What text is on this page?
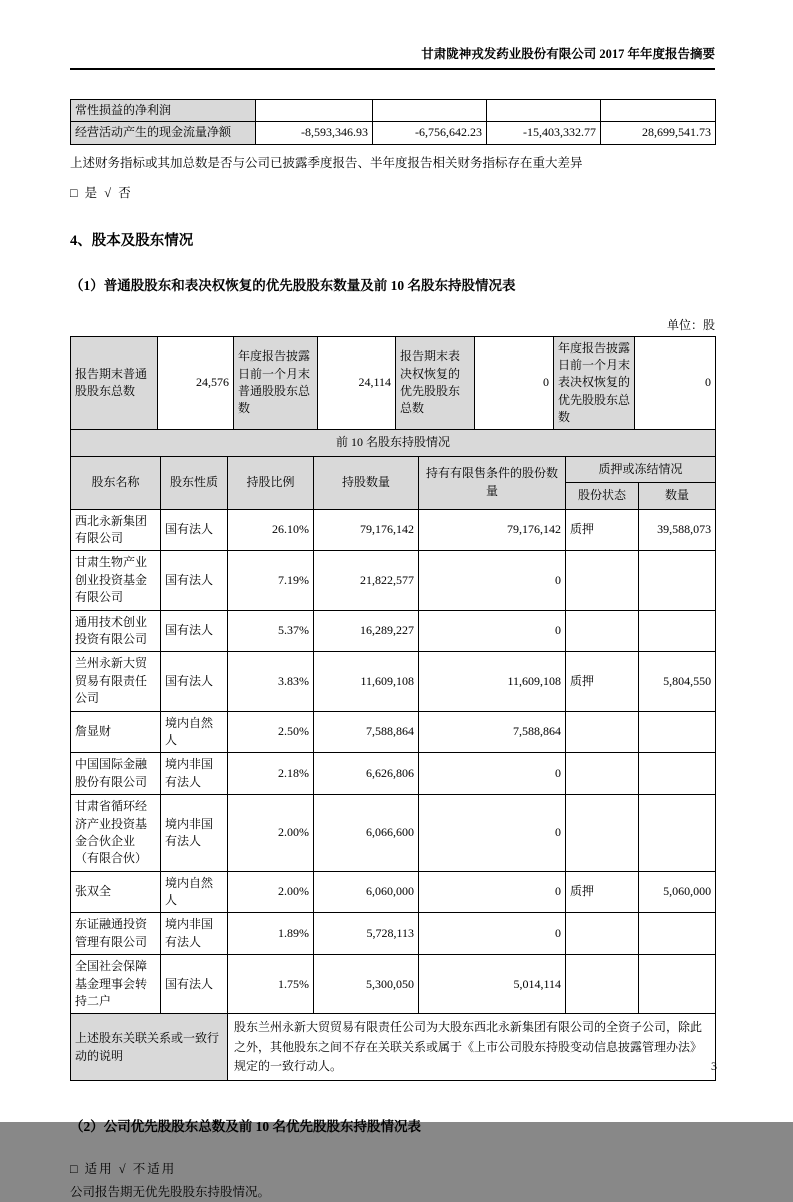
甘肃陇神戎发药业股份有限公司 2017 年年度报告摘要
常性损益的净利润				
经营活动产生的现金流量净额	-8,593,346.93	-6,756,642.23	-15,403,332.77	28,699,541.73
上述财务指标或其加总数是否与公司已披露季度报告、半年度报告相关财务指标存在重大差异
□ 是 √ 否
4、股本及股东情况
（1）普通股股东和表决权恢复的优先股股东数量及前 10 名股东持股情况表
单位：股
报告期末普通股股东总数	24,576	年度报告披露日前一个月末普通股股东总数	24,114	报告期末表决权恢复的优先股股东总数	0	年度报告披露日前一个月末表决权恢复的优先股股东总数	0
前 10 名股东持股情况						
股东名称	股东性质	持股比例	持股数量	持有有限售条件的股份数量	质押或冻结情况	
					股份状态	数量
西北永新集团有限公司	国有法人	26.10%	79,176,142	79,176,142	质押	39,588,073
甘肃生物产业创业投资基金有限公司	国有法人	7.19%	21,822,577	0		
通用技术创业投资有限公司	国有法人	5.37%	16,289,227	0		
兰州永新大贸贸易有限责任公司	国有法人	3.83%	11,609,108	11,609,108	质押	5,804,550
詹显财	境内自然人	2.50%	7,588,864	7,588,864		
中国国际金融股份有限公司	境内非国有法人	2.18%	6,626,806	0		
甘肃省循环经济产业投资基金合伙企业（有限合伙）	境内非国有法人	2.00%	6,066,600	0		
张双全	境内自然人	2.00%	6,060,000	0	质押	5,060,000
东证融通投资管理有限公司	境内非国有法人	1.89%	5,728,113	0		
全国社会保障基金理事会转持二户	国有法人	1.75%	5,300,050	5,014,114		
上述股东关联关系或一致行动的说明		股东兰州永新大贸贸易有限责任公司为大股东西北永新集团有限公司的全资子公司，除此之外，其他股东之间不存在关联关系或属于《上市公司股东持股变动信息披露管理办法》规定的一致行动人。				
（2）公司优先股股东总数及前 10 名优先股股东持股情况表
□ 适用 √ 不适用
公司报告期无优先股股东持股情况。
3
